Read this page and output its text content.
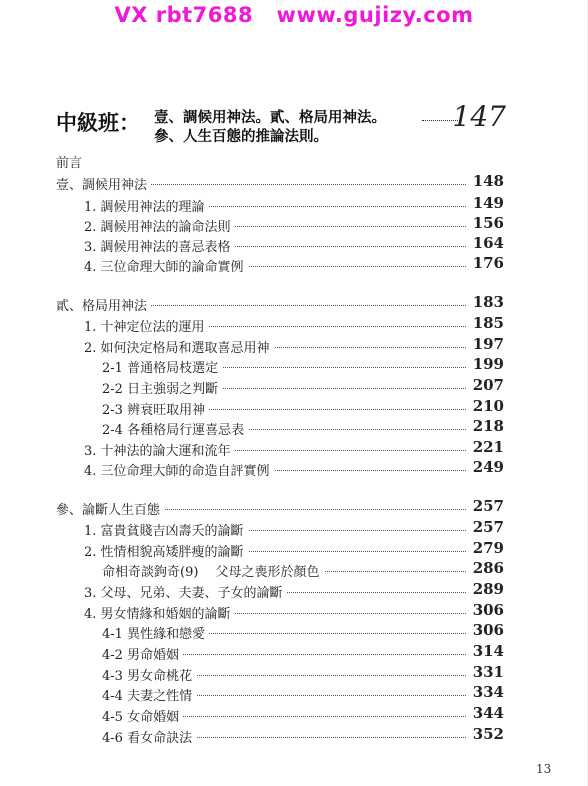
VX rbt7688   www.gujizy.com
中級班： 壹、調候用神法。貳、格局用神法。
參、人生百態的推論法則。
147
前言
壹、調候用神法	148
1. 調候用神法的理論	149
2. 調候用神法的論命法則	156
3. 調候用神法的喜忌表格	164
4. 三位命理大師的論命實例	176
貳、格局用神法	183
1. 十神定位法的運用	185
2. 如何決定格局和選取喜忌用神	197
2-1 普通格局枝選定	199
2-2 日主強弱之判斷	207
2-3 辨衰旺取用神	210
2-4 各種格局行運喜忌表	218
3. 十神法的論大運和流年	221
4. 三位命理大師的命造自評實例	249
參、論斷人生百態	257
1. 富貴貧賤吉凶壽夭的論斷	257
2. 性情相貌高矮胖瘦的論斷	279
命相奇談鉤奇(9)　 父母之喪形於顏色	286
3. 父母、兄弟、夫妻、子女的論斷	289
4. 男女情緣和婚姻的論斷	306
4-1 異性緣和戀愛	306
4-2 男命婚姻	314
4-3 男女命桃花	331
4-4 夫妻之性情	334
4-5 女命婚姻	344
4-6 看女命訣法	352
13
